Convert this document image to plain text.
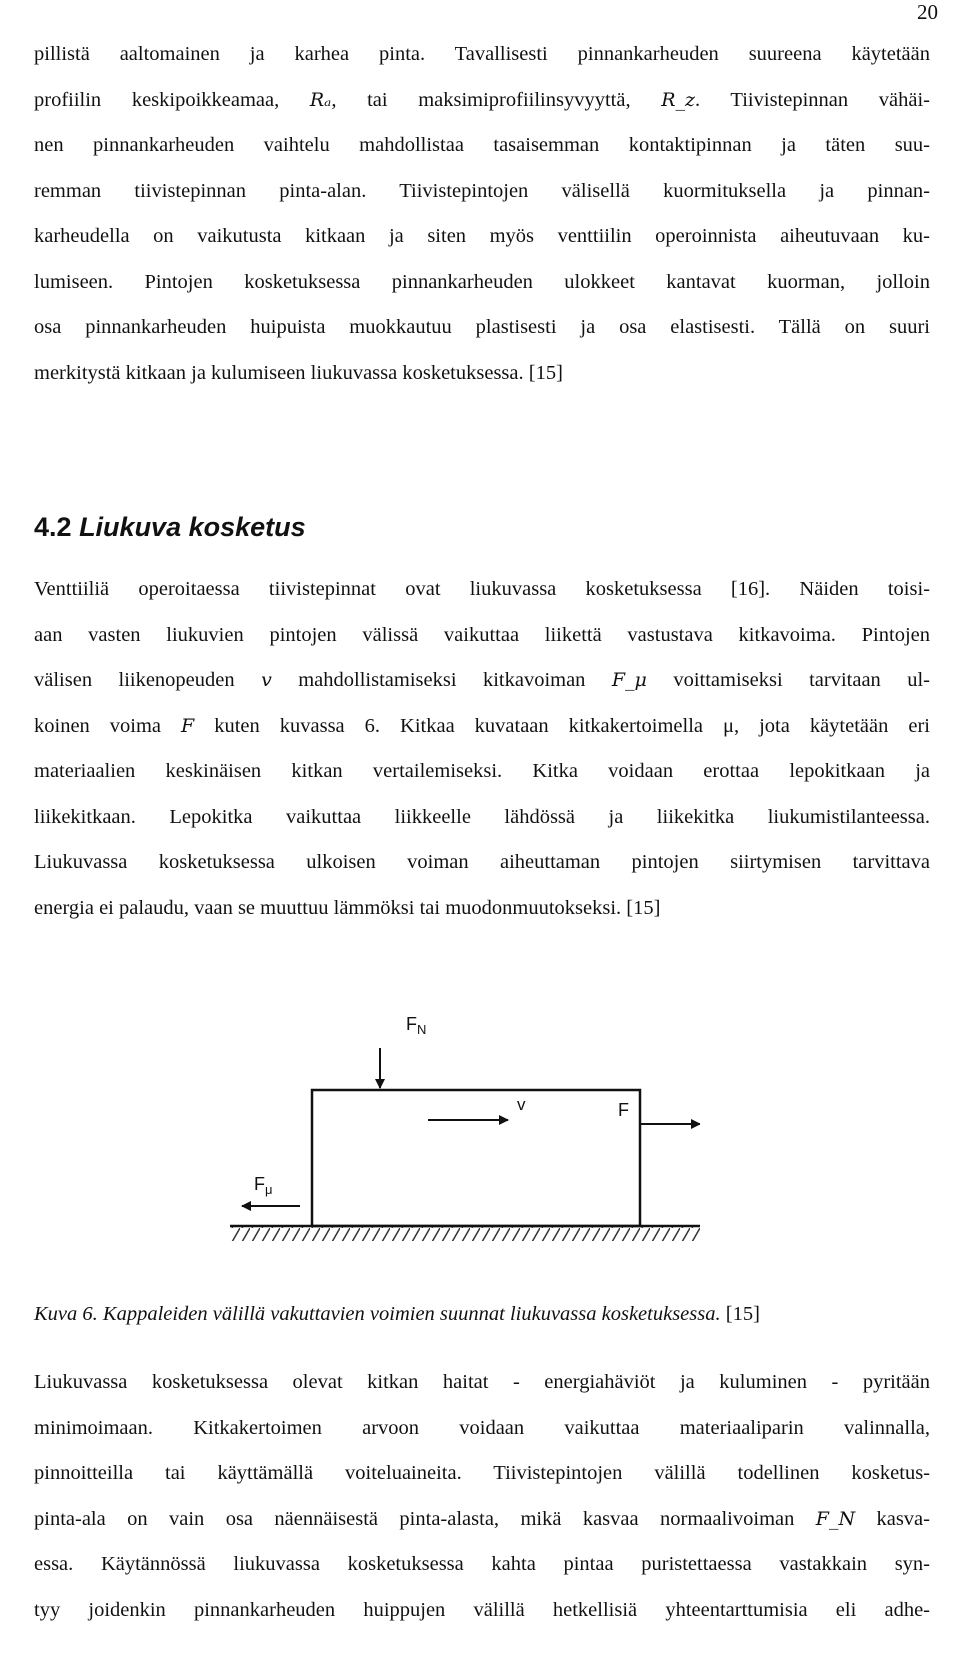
20

pillistä aaltomainen ja karhea pinta. Tavallisesti pinnankarheuden suureena käytetään
profiilin keskipoikkeamaa, Rₐ, tai maksimiprofiilinsyvyyttä, R_z. Tiivistepinnan vähäi-
nen pinnankarheuden vaihtelu mahdollistaa tasaisemman kontaktipinnan ja täten suu-
remman tiivistepinnan pinta-alan. Tiivistepintojen välisellä kuormituksella ja pinnan-
karheudella on vaikutusta kitkaan ja siten myös venttiilin operoinnista aiheutuvaan ku-
lumiseen. Pintojen kosketuksessa pinnankarheuden ulokkeet kantavat kuorman, jolloin
osa pinnankarheuden huipuista muokkautuu plastisesti ja osa elastisesti. Tällä on suuri
merkitystä kitkaan ja kulumiseen liukuvassa kosketuksessa. [15]

4.2 Liukuva kosketus

Venttiiliä operoitaessa tiivistepinnat ovat liukuvassa kosketuksessa [16]. Näiden toisi-
aan vasten liukuvien pintojen välissä vaikuttaa liikettä vastustava kitkavoima. Pintojen
välisen liikenopeuden v mahdollistamiseksi kitkavoiman F_μ voittamiseksi tarvitaan ul-
koinen voima F kuten kuvassa 6. Kitkaa kuvataan kitkakertoimella μ, jota käytetään eri
materiaalien keskinäisen kitkan vertailemiseksi. Kitka voidaan erottaa lepokitkaan ja
liikekitkaan. Lepokitka vaikuttaa liikkeelle lähdössä ja liikekitka liukumistilanteessa.
Liukuvassa kosketuksessa ulkoisen voiman aiheuttaman pintojen siirtymisen tarvittava
energia ei palaudu, vaan se muuttuu lämmöksi tai muodonmuutokseksi. [15]

$F_N$
v	F
$F_\mu$

Kuva 6. Kappaleiden välillä vakuttavien voimien suunnat liukuvassa kosketuksessa. [15]

Liukuvassa kosketuksessa olevat kitkan haitat - energiahäviöt ja kuluminen - pyritään
minimoimaan. Kitkakertoimen arvoon voidaan vaikuttaa materiaaliparin valinnalla,
pinnoitteilla tai käyttämällä voiteluaineita. Tiivistepintojen välillä todellinen kosketus-
pinta-ala on vain osa näennäisestä pinta-alasta, mikä kasvaa normaalivoiman F_N kasva-
essa. Käytännössä liukuvassa kosketuksessa kahta pintaa puristettaessa vastakkain syn-
tyy joidenkin pinnankarheuden huippujen välillä hetkellisiä yhteentarttumisia eli adhe-
